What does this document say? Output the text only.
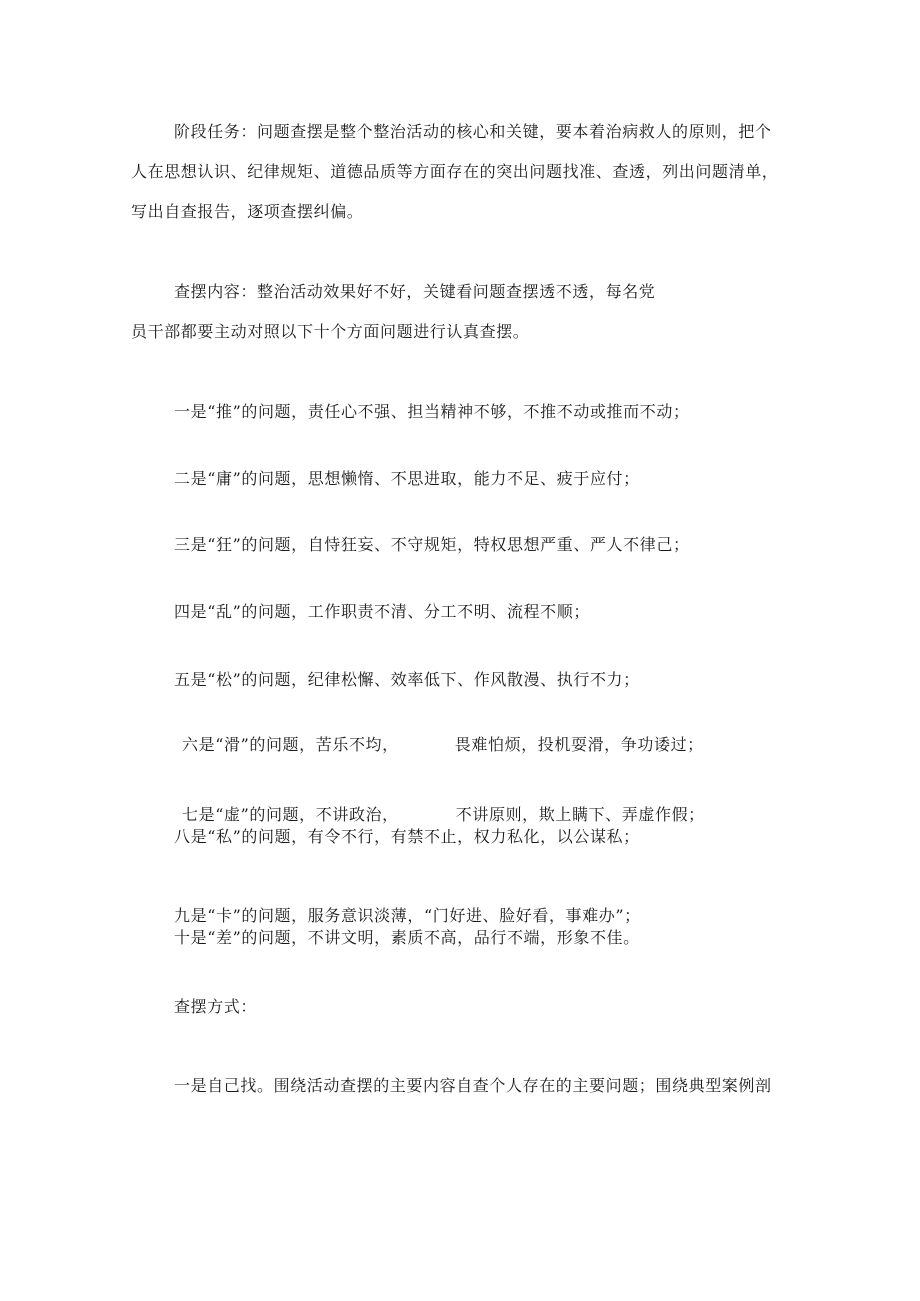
阶段任务：问题查摆是整个整治活动的核心和关键，要本着治病救人的原则，把个
人在思想认识、纪律规矩、道德品质等方面存在的突出问题找准、查透，列出问题清单，
写出自查报告，逐项查摆纠偏。
查摆内容：整治活动效果好不好，关键看问题查摆透不透，每名党
员干部都要主动对照以下十个方面问题进行认真查摆。
一是“推”的问题，责任心不强、担当精神不够，不推不动或推而不动；
二是“庸”的问题，思想懒惰、不思进取，能力不足、疲于应付；
三是“狂”的问题，自恃狂妄、不守规矩，特权思想严重、严人不律己；
四是“乱”的问题，工作职责不清、分工不明、流程不顺；
五是“松”的问题，纪律松懈、效率低下、作风散漫、执行不力；
六是“滑”的问题，苦乐不均，	畏难怕烦，投机耍滑，争功诿过；
七是“虚”的问题，不讲政治，	不讲原则，欺上瞒下、弄虚作假；
八是“私”的问题，有令不行，有禁不止，权力私化，以公谋私；
九是“卡”的问题，服务意识淡薄，“门好进、脸好看，事难办”；
十是“差”的问题，不讲文明，素质不高，品行不端，形象不佳。
查摆方式：
一是自己找。围绕活动查摆的主要内容自查个人存在的主要问题；围绕典型案例剖
